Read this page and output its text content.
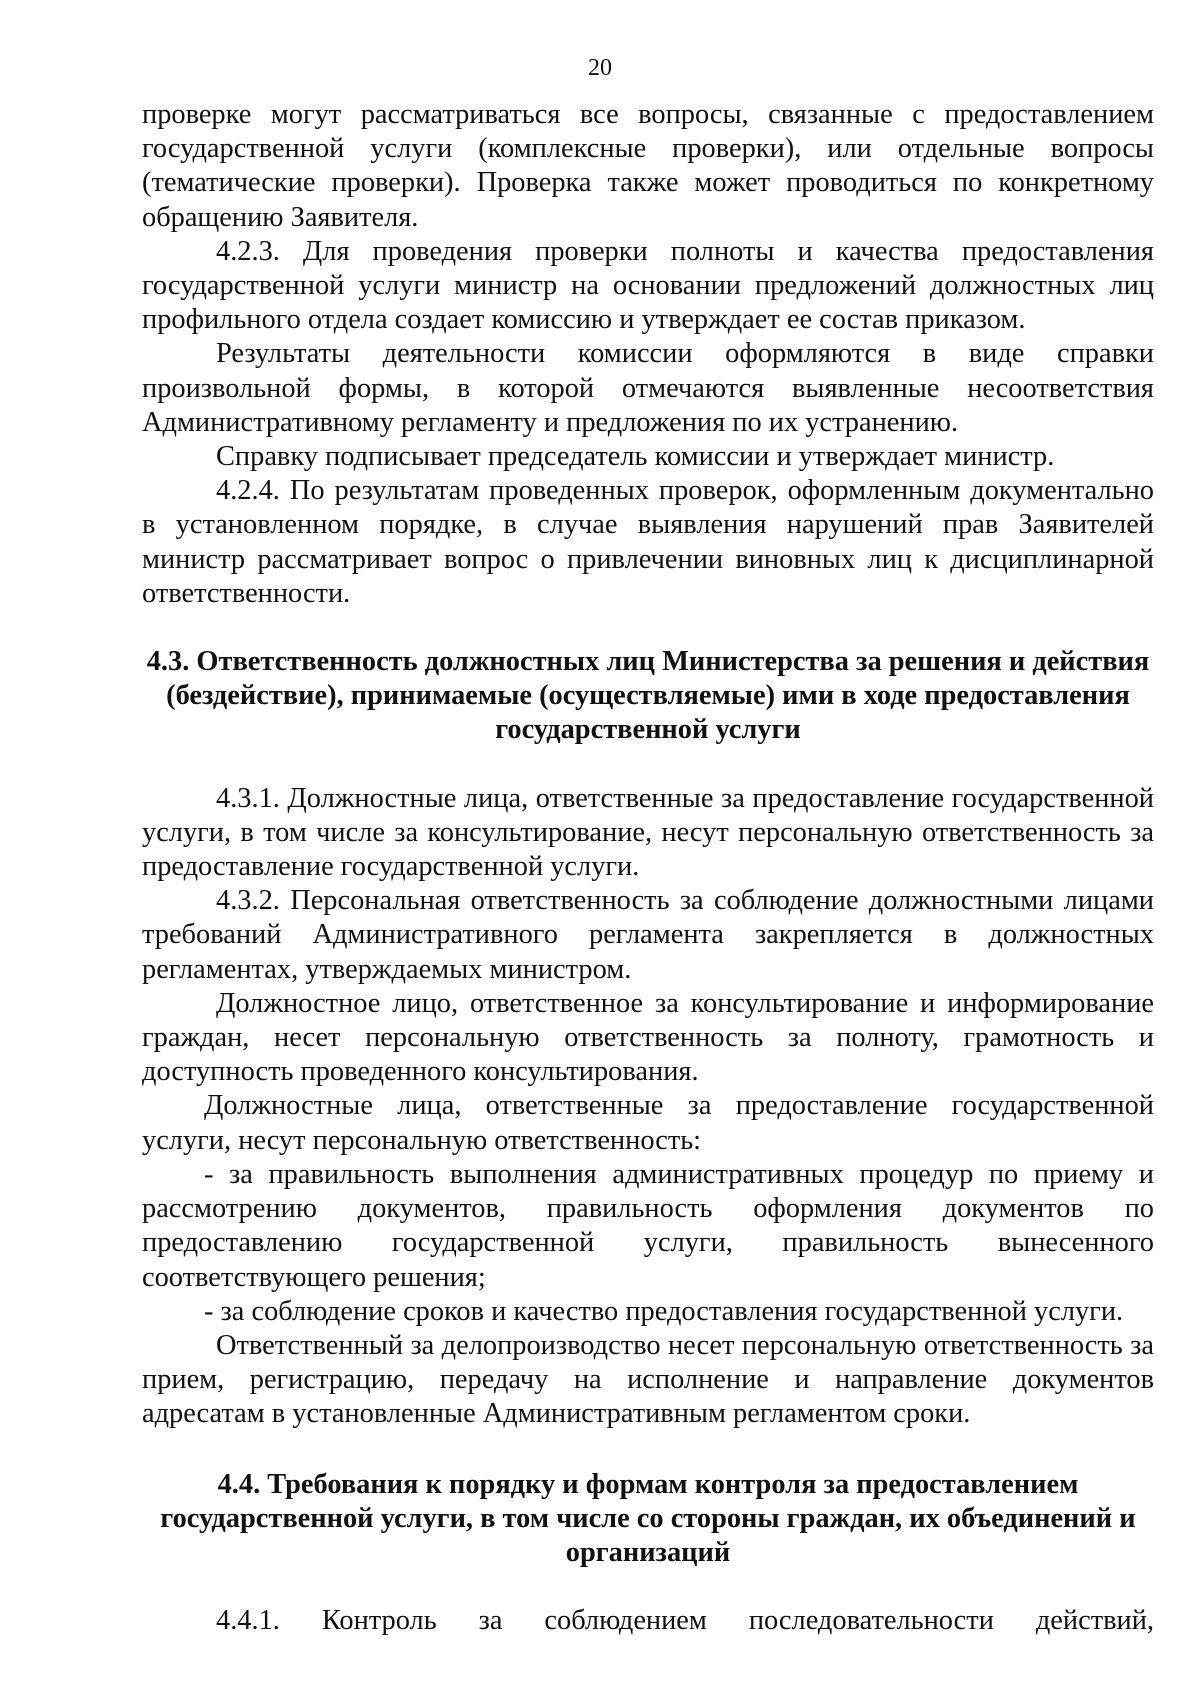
20

проверке могут рассматриваться все вопросы, связанные с предоставлением государственной услуги (комплексные проверки), или отдельные вопросы (тематические проверки). Проверка также может проводиться по конкретному обращению Заявителя.

4.2.3. Для проведения проверки полноты и качества предоставления государственной услуги министр на основании предложений должностных лиц профильного отдела создает комиссию и утверждает ее состав приказом.

Результаты деятельности комиссии оформляются в виде справки произвольной формы, в которой отмечаются выявленные несоответствия Административному регламенту и предложения по их устранению.

Справку подписывает председатель комиссии и утверждает министр.

4.2.4. По результатам проведенных проверок, оформленным документально в установленном порядке, в случае выявления нарушений прав Заявителей министр рассматривает вопрос о привлечении виновных лиц к дисциплинарной ответственности.

4.3. Ответственность должностных лиц Министерства за решения и действия (бездействие), принимаемые (осуществляемые) ими в ходе предоставления государственной услуги

4.3.1. Должностные лица, ответственные за предоставление государственной услуги, в том числе за консультирование, несут персональную ответственность за предоставление государственной услуги.

4.3.2. Персональная ответственность за соблюдение должностными лицами требований Административного регламента закрепляется в должностных регламентах, утверждаемых министром.

Должностное лицо, ответственное за консультирование и информирование граждан, несет персональную ответственность за полноту, грамотность и доступность проведенного консультирования.

Должностные лица, ответственные за предоставление государственной услуги, несут персональную ответственность:

- за правильность выполнения административных процедур по приему и рассмотрению документов, правильность оформления документов по предоставлению государственной услуги, правильность вынесенного соответствующего решения;

- за соблюдение сроков и качество предоставления государственной услуги.

Ответственный за делопроизводство несет персональную ответственность за прием, регистрацию, передачу на исполнение и направление документов адресатам в установленные Административным регламентом сроки.

4.4. Требования к порядку и формам контроля за предоставлением государственной услуги, в том числе со стороны граждан, их объединений и организаций

4.4.1. Контроль за соблюдением последовательности действий,
